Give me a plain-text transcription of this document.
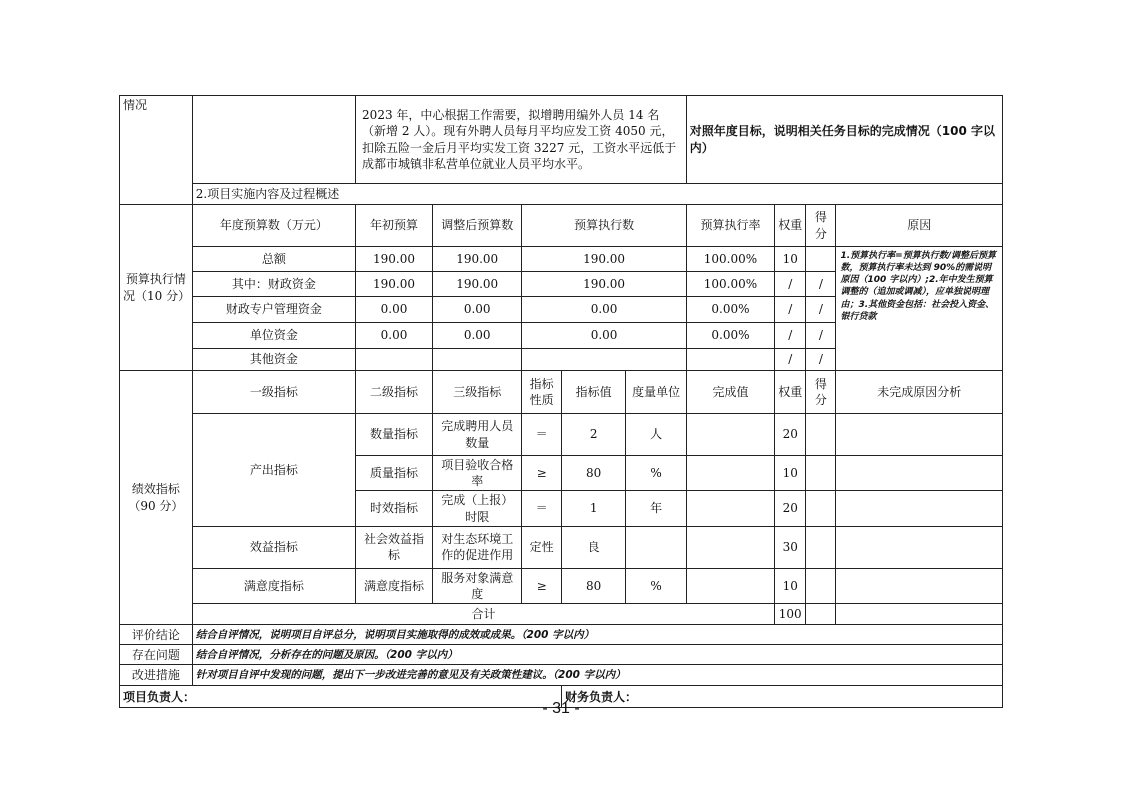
情况		2023 年，中心根据工作需要，拟增聘用编外人员 14 名（新增 2 人）。现有外聘人员每月平均应发工资 4050 元，扣除五险一金后月平均实发工资 3227 元，工资水平远低于成都市城镇非私营单位就业人员平均水平。					对照年度目标，说明相关任务目标的完成情况（100 字以内）			
	2.项目实施内容及过程概述									
预算执行情况（10 分）	年度预算数（万元）	年初预算	调整后预算数	预算执行数			预算执行率	权重	得分	原因
	总额	190.00	190.00	190.00			100.00%	10		1.预算执行率=预算执行数/调整后预算数，预算执行率未达到 90%的需说明原因（100 字以内）;2.年中发生预算调整的（追加或调减），应单独说明理由；3.其他资金包括：社会投入资金、银行贷款
	其中：财政资金	190.00	190.00	190.00			100.00%	/	/	
	财政专户管理资金	0.00	0.00	0.00			0.00%	/	/	
	单位资金	0.00	0.00	0.00			0.00%	/	/	
	其他资金							/	/	
绩效指标（90 分）	一级指标	二级指标	三级指标	指标性质	指标值	度量单位	完成值	权重	得分	未完成原因分析
	产出指标	数量指标	完成聘用人员数量	＝	2	人		20		
		质量指标	项目验收合格率	≥	80	%		10		
		时效指标	完成（上报）时限	＝	1	年		20		
	效益指标	社会效益指标	对生态环境工作的促进作用	定性	良			30		
	满意度指标	满意度指标	服务对象满意度	≥	80	%		10		
	合计							100		
评价结论	结合自评情况，说明项目自评总分，说明项目实施取得的成效或成果。（200 字以内）									
存在问题	结合自评情况，分析存在的问题及原因。（200 字以内）									
改进措施	针对项目自评中发现的问题，提出下一步改进完善的意见及有关政策性建议。（200 字以内）									
项目负责人：					财务负责人：					
- 31 -
